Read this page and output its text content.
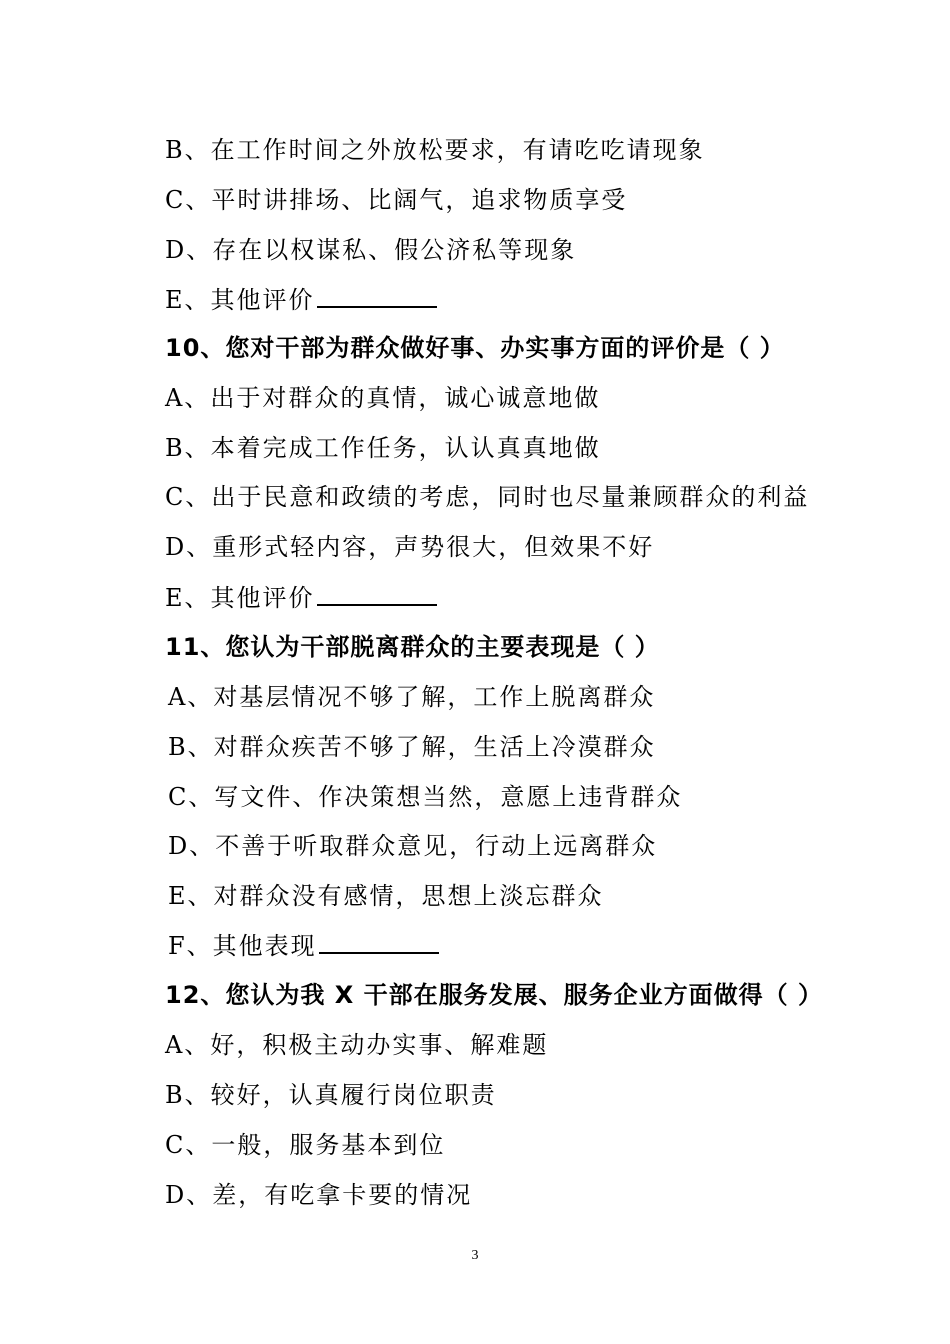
B、在工作时间之外放松要求，有请吃吃请现象
C、平时讲排场、比阔气，追求物质享受
D、存在以权谋私、假公济私等现象
E、其他评价
10、您对干部为群众做好事、办实事方面的评价是（ ）
A、出于对群众的真情，诚心诚意地做
B、本着完成工作任务，认认真真地做
C、出于民意和政绩的考虑，同时也尽量兼顾群众的利益
D、重形式轻内容，声势很大，但效果不好
E、其他评价
11、您认为干部脱离群众的主要表现是（ ）
A、对基层情况不够了解，工作上脱离群众
B、对群众疾苦不够了解，生活上冷漠群众
C、写文件、作决策想当然，意愿上违背群众
D、不善于听取群众意见，行动上远离群众
E、对群众没有感情，思想上淡忘群众
F、其他表现
12、您认为我 X 干部在服务发展、服务企业方面做得（ ）
A、好，积极主动办实事、解难题
B、较好，认真履行岗位职责
C、一般，服务基本到位
D、差，有吃拿卡要的情况
3
